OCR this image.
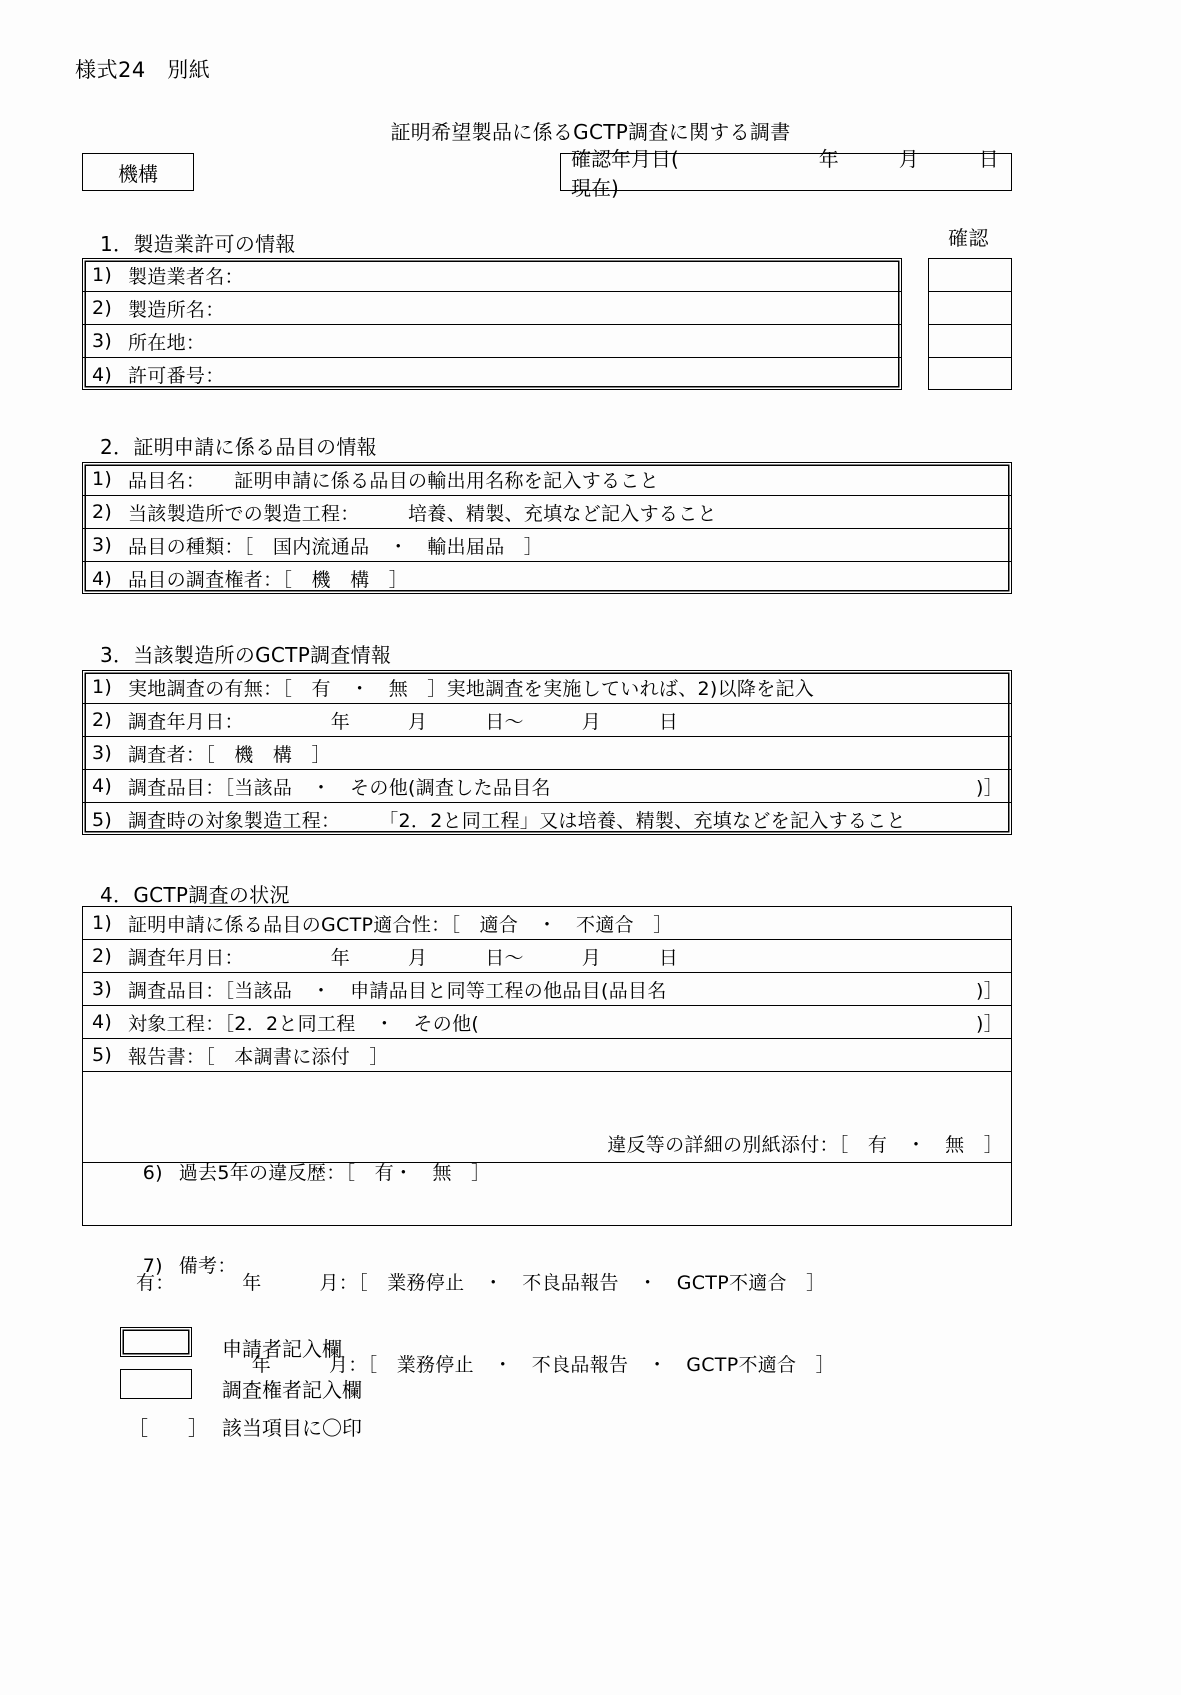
様式24　別紙
証明希望製品に係るGCTP調査に関する調書
機構
確認年月日(　　　　　　　年　　　月　　　日現在)
1．製造業許可の情報
1) 製造業者名：
2) 製造所名：
3) 所在地：
4) 許可番号：
確認
2．証明申請に係る品目の情報
1) 品目名：　　証明申請に係る品目の輸出用名称を記入すること
2) 当該製造所での製造工程：　　　培養、精製、充填など記入すること
3) 品目の種類：［　国内流通品　・　輸出届品　］
4) 品目の調査権者：［　機　構　］
3．当該製造所のGCTP調査情報
1) 実地調査の有無：［　有　・　無　］実地調査を実施していれば、2)以降を記入
2) 調査年月日：　　　　　年　　　月　　　日〜　　　月　　　日
3) 調査者：［　機　構　］
4) 調査品目：［当該品　・　その他(調査した品目名	)］
5) 調査時の対象製造工程：　　　「2．2と同工程」又は培養、精製、充填などを記入すること
4．GCTP調査の状況
1) 証明申請に係る品目のGCTP適合性：［　適合　・　不適合　］
2) 調査年月日：　　　　　年　　　月　　　日〜　　　月　　　日
3) 調査品目：［当該品　・　申請品目と同等工程の他品目(品目名	)］
4) 対象工程：［2．2と同工程　・　その他(	)］
5) 報告書：［　本調書に添付　］

6) 過去5年の違反歴：［　有・　無　］
違反等の詳細の別紙添付：［　有　・　無　］

有：　　　　年　　　月：［　業務停止　・　不良品報告　・　GCTP不適合　］

　　　　　　年　　　月：［　業務停止　・　不良品報告　・　GCTP不適合　］

7) 備考：

申請者記入欄
調査権者記入欄
［　　］ 該当項目に〇印
